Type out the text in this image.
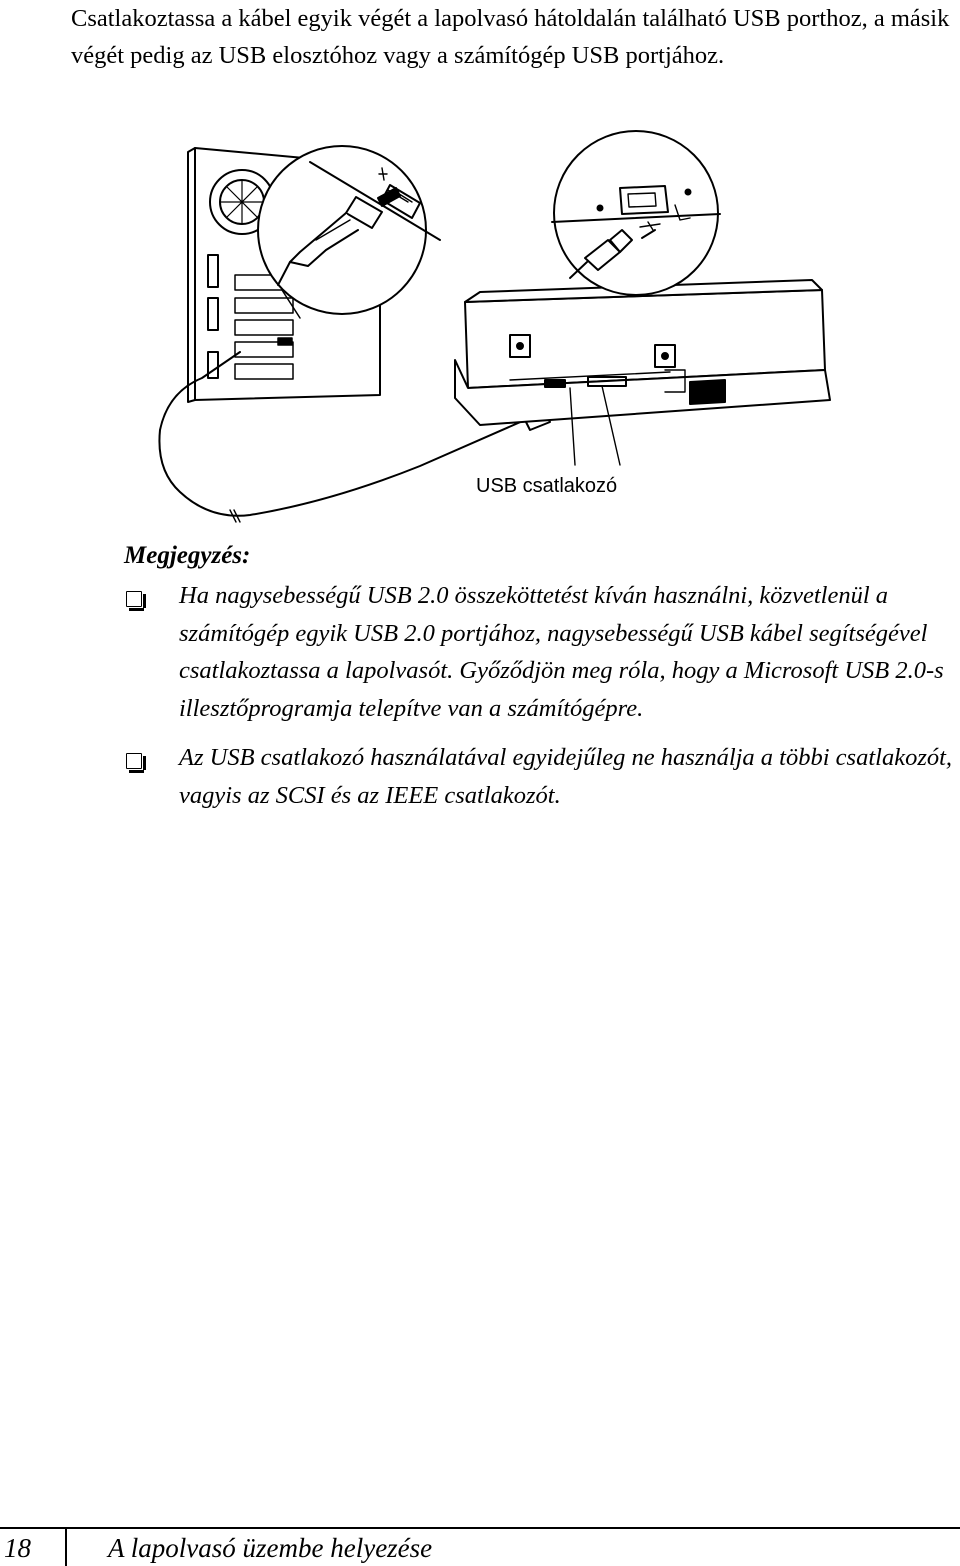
Csatlakoztassa a kábel egyik végét a lapolvasó hátoldalán található USB porthoz, a másik végét pedig az USB elosztóhoz vagy a számítógép USB portjához.

USB csatlakozó
Megjegyzés:
Ha nagysebességű USB 2.0 összeköttetést kíván használni, közvetlenül a számítógép egyik USB 2.0 portjához, nagysebességű USB kábel segítségével csatlakoztassa a lapolvasót. Győződjön meg róla, hogy a Microsoft USB 2.0-s illesztőprogramja telepítve van a számítógépre.
Az USB csatlakozó használatával egyidejűleg ne használja a többi csatlakozót, vagyis az SCSI és az IEEE csatlakozót.
18	A lapolvasó üzembe helyezése
